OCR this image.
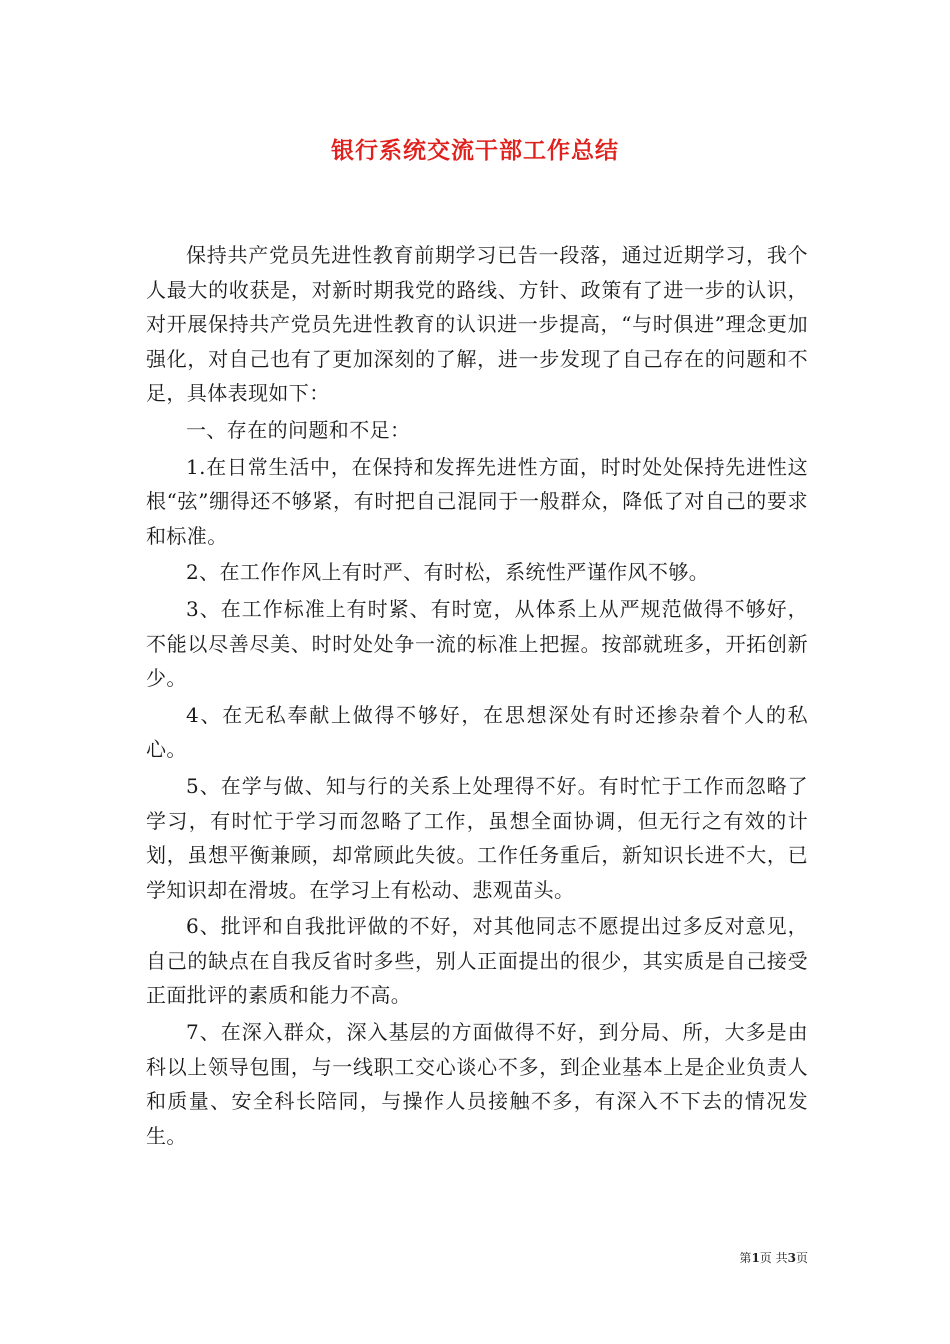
银行系统交流干部工作总结

保持共产党员先进性教育前期学习已告一段落，通过近期学习，我个人最大的收获是，对新时期我党的路线、方针、政策有了进一步的认识，对开展保持共产党员先进性教育的认识进一步提高，“与时俱进”理念更加强化，对自己也有了更加深刻的了解，进一步发现了自己存在的问题和不足，具体表现如下：

一、存在的问题和不足：

1.在日常生活中，在保持和发挥先进性方面，时时处处保持先进性这根“弦”绷得还不够紧，有时把自己混同于一般群众，降低了对自己的要求和标准。

2、在工作作风上有时严、有时松，系统性严谨作风不够。

3、在工作标准上有时紧、有时宽，从体系上从严规范做得不够好，不能以尽善尽美、时时处处争一流的标准上把握。按部就班多，开拓创新少。

4、在无私奉献上做得不够好，在思想深处有时还掺杂着个人的私心。

5、在学与做、知与行的关系上处理得不好。有时忙于工作而忽略了学习，有时忙于学习而忽略了工作，虽想全面协调，但无行之有效的计划，虽想平衡兼顾，却常顾此失彼。工作任务重后，新知识长进不大，已学知识却在滑坡。在学习上有松动、悲观苗头。

6、批评和自我批评做的不好，对其他同志不愿提出过多反对意见，自己的缺点在自我反省时多些，别人正面提出的很少，其实质是自己接受正面批评的素质和能力不高。

7、在深入群众，深入基层的方面做得不好，到分局、所，大多是由科以上领导包围，与一线职工交心谈心不多，到企业基本上是企业负责人和质量、安全科长陪同，与操作人员接触不多，有深入不下去的情况发生。

第1页 共3页
